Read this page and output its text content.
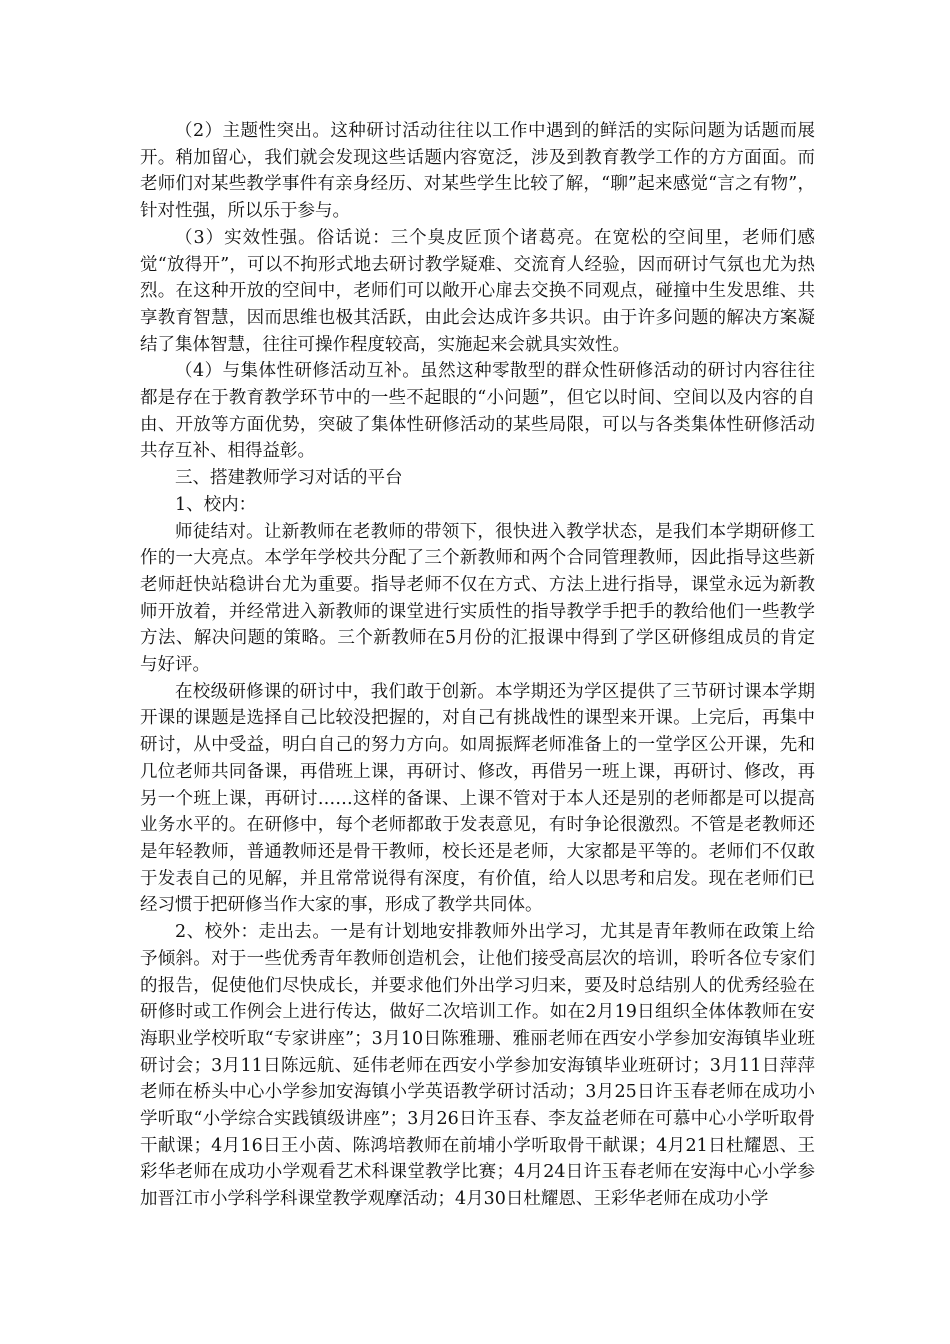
（2）主题性突出。这种研讨活动往往以工作中遇到的鲜活的实际问题为话题而展开。稍加留心，我们就会发现这些话题内容宽泛，涉及到教育教学工作的方方面面。而老师们对某些教学事件有亲身经历、对某些学生比较了解，“聊”起来感觉“言之有物”，针对性强，所以乐于参与。

（3）实效性强。俗话说：三个臭皮匠顶个诸葛亮。在宽松的空间里，老师们感觉“放得开”，可以不拘形式地去研讨教学疑难、交流育人经验，因而研讨气氛也尤为热烈。在这种开放的空间中，老师们可以敞开心扉去交换不同观点，碰撞中生发思维、共享教育智慧，因而思维也极其活跃，由此会达成许多共识。由于许多问题的解决方案凝结了集体智慧，往往可操作程度较高，实施起来会就具实效性。

（4）与集体性研修活动互补。虽然这种零散型的群众性研修活动的研讨内容往往都是存在于教育教学环节中的一些不起眼的“小问题”，但它以时间、空间以及内容的自由、开放等方面优势，突破了集体性研修活动的某些局限，可以与各类集体性研修活动共存互补、相得益彰。

三、搭建教师学习对话的平台

1、校内：

师徒结对。让新教师在老教师的带领下，很快进入教学状态，是我们本学期研修工作的一大亮点。本学年学校共分配了三个新教师和两个合同管理教师，因此指导这些新老师赶快站稳讲台尤为重要。指导老师不仅在方式、方法上进行指导，课堂永远为新教师开放着，并经常进入新教师的课堂进行实质性的指导教学手把手的教给他们一些教学方法、解决问题的策略。三个新教师在5月份的汇报课中得到了学区研修组成员的肯定与好评。

在校级研修课的研讨中，我们敢于创新。本学期还为学区提供了三节研讨课本学期开课的课题是选择自己比较没把握的，对自己有挑战性的课型来开课。上完后，再集中研讨，从中受益，明白自己的努力方向。如周振辉老师准备上的一堂学区公开课，先和几位老师共同备课，再借班上课，再研讨、修改，再借另一班上课，再研讨、修改，再另一个班上课，再研讨……这样的备课、上课不管对于本人还是别的老师都是可以提高业务水平的。在研修中，每个老师都敢于发表意见，有时争论很激烈。不管是老教师还是年轻教师，普通教师还是骨干教师，校长还是老师，大家都是平等的。老师们不仅敢于发表自己的见解，并且常常说得有深度，有价值，给人以思考和启发。现在老师们已经习惯于把研修当作大家的事，形成了教学共同体。

2、校外：走出去。一是有计划地安排教师外出学习，尤其是青年教师在政策上给予倾斜。对于一些优秀青年教师创造机会，让他们接受高层次的培训，聆听各位专家们的报告，促使他们尽快成长，并要求他们外出学习归来，要及时总结别人的优秀经验在研修时或工作例会上进行传达，做好二次培训工作。如在2月19日组织全体体教师在安海职业学校听取“专家讲座”；3月10日陈雅珊、雅丽老师在西安小学参加安海镇毕业班研讨会；3月11日陈远航、延伟老师在西安小学参加安海镇毕业班研讨；3月11日萍萍老师在桥头中心小学参加安海镇小学英语教学研讨活动；3月25日许玉春老师在成功小学听取“小学综合实践镇级讲座”；3月26日许玉春、李友益老师在可慕中心小学听取骨干献课；4月16日王小茵、陈鸿培教师在前埔小学听取骨干献课；4月21日杜耀恩、王彩华老师在成功小学观看艺术科课堂教学比赛；4月24日许玉春老师在安海中心小学参加晋江市小学科学科课堂教学观摩活动；4月30日杜耀恩、王彩华老师在成功小学
